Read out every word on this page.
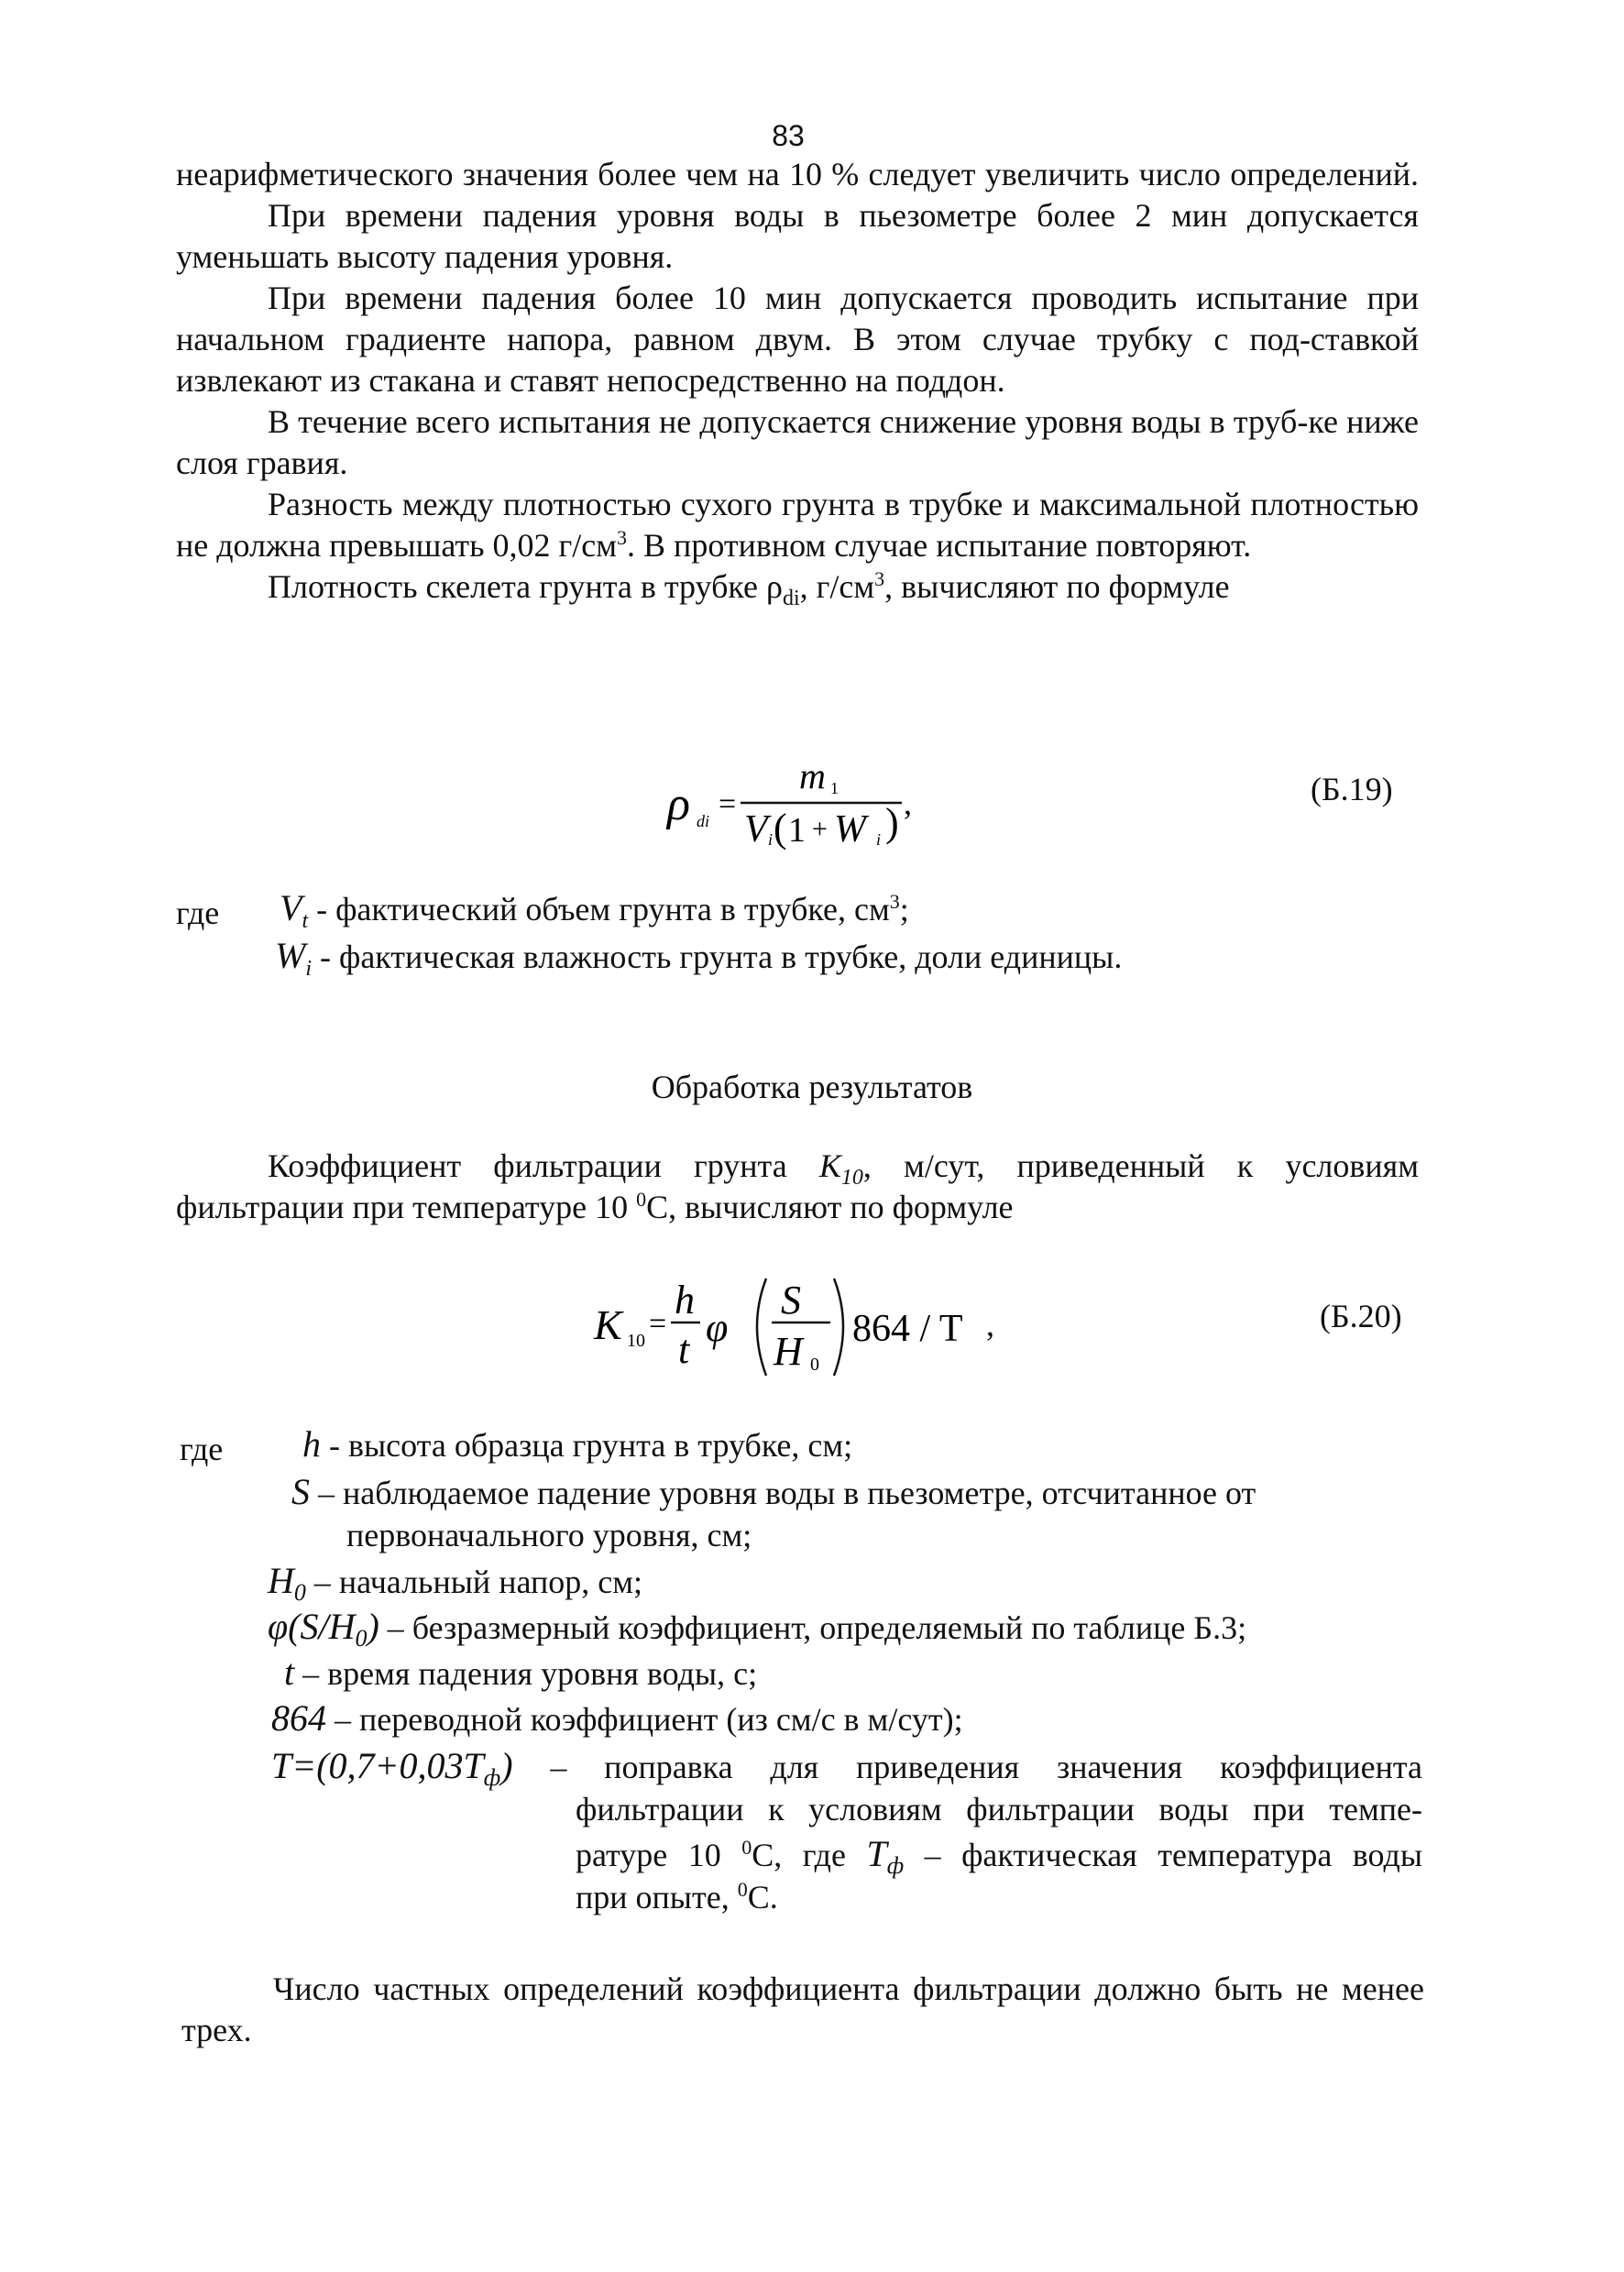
83

неарифметического значения более чем на 10 % следует увеличить число определений.

При времени падения уровня воды в пьезометре более 2 мин допускается уменьшать высоту падения уровня.

При времени падения более 10 мин допускается проводить испытание при начальном градиенте напора, равном двум. В этом случае трубку с под-ставкой извлекают из стакана и ставят непосредственно на поддон.

В течение всего испытания не допускается снижение уровня воды в труб-ке ниже слоя гравия.

Разность между плотностью сухого грунта в трубке и максимальной плотностью не должна превышать 0,02 $г/см^3$. В противном случае испытание повторяют.

Плотность скелета грунта в трубке $\rho_{di}$, $г/см^3$, вычисляют по формуле

ρ di =
m 1
V i ( 1 + W i ) ,	(Б.19)
где $V_t$ - фактический объем грунта в трубке, $см^3$;
$W_i$ - фактическая влажность грунта в трубке, доли единицы.
Обработка результатов

Коэффициент фильтрации грунта $K_{10}$, м/сут, приведенный к условиям фильтрации при температуре 10 $^0$С, вычисляют по формуле

K 10 =
h
t φ
S
H 0
864 / T ,	(Б.20)
где h - высота образца грунта в трубке, см;
S – наблюдаемое падение уровня воды в пьезометре, отсчитанное от
первоначального уровня, см;
$H_0$ – начальный напор, см;
$\varphi(S/H_0)$ – безразмерный коэффициент, определяемый по таблице Б.3;
t – время падения уровня воды, с;
864 – переводной коэффициент (из см/с в м/сут);
$T=(0,7+0,03T_ф)$ – поправка для приведения значения коэффициента
фильтрации к условиям фильтрации воды при темпе-
ратуре 10 $^0$С, где $T_ф$ – фактическая температура воды
при опыте, $^0$С.

Число частных определений коэффициента фильтрации должно быть не менее трех.
